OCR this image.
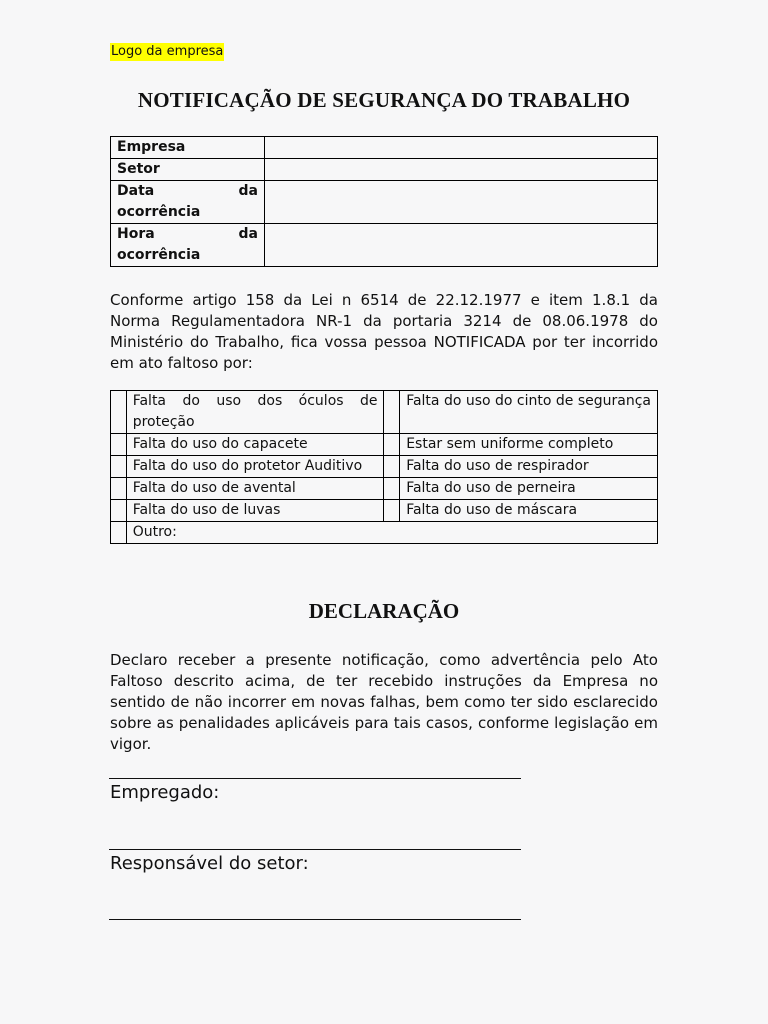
Logo da empresa
NOTIFICAÇÃO DE SEGURANÇA DO TRABALHO
Empresa	
Setor	

Data da
ocorrência	

Hora da
ocorrência	

Conforme artigo 158 da Lei n 6514 de 22.12.1977 e item 1.8.1 da Norma Regulamentadora NR-1 da portaria 3214 de 08.06.1978 do Ministério do Trabalho, fica vossa pessoa NOTIFICADA por ter incorrido em ato faltoso por:
	Falta do uso dos óculos de proteção		Falta do uso do cinto de segurança
	Falta do uso do capacete		Estar sem uniforme completo
	Falta do uso do protetor Auditivo		Falta do uso de respirador
	Falta do uso de avental		Falta do uso de perneira
	Falta do uso de luvas		Falta do uso de máscara
	Outro:		
DECLARAÇÃO
Declaro receber a presente notificação, como advertência pelo Ato Faltoso descrito acima, de ter recebido instruções da Empresa no sentido de não incorrer em novas falhas, bem como ter sido esclarecido sobre as penalidades aplicáveis para tais casos, conforme legislação em vigor.
Empregado:
Responsável do setor:
